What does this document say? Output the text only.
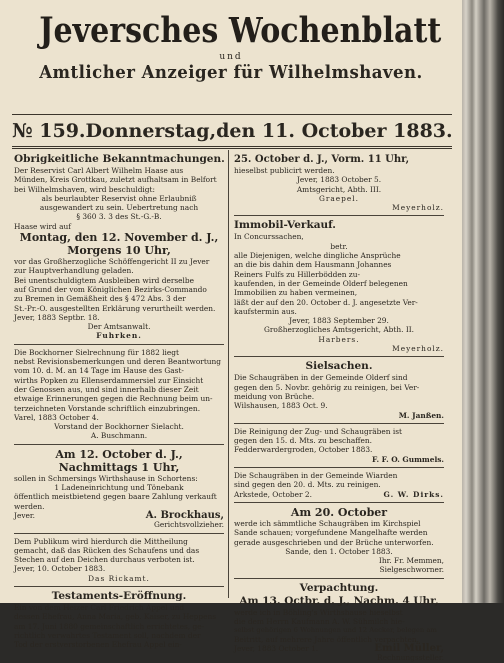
Jeversches Wochenblatt
und
Amtlicher Anzeiger für Wilhelmshaven.
№ 159. Donnerstag, den 11. October 1883.
Obrigkeitliche Bekanntmachungen.

Der Reservist Carl Albert Wilhelm Haase aus

Münden, Kreis Grottkau, zuletzt aufhaltsam in Belfort

bei Wilhelmshaven, wird beschuldigt:

als beurlaubter Reservist ohne Erlaubniß

ausgewandert zu sein. Uebertretung nach

§ 360 3. 3 des St.-G.-B.

Haase wird auf

Montag, den 12. November d. J.,
Morgens 10 Uhr,

vor das Großherzogliche Schöffengericht II zu Jever

zur Hauptverhandlung geladen.

Bei unentschuldigtem Ausbleiben wird derselbe

auf Grund der vom Königlichen Bezirks-Commando

zu Bremen in Gemäßheit des § 472 Abs. 3 der

St.-Pr.-O. ausgestellten Erklärung verurtheilt werden.

Jever, 1883 Septbr. 18.

Der Amtsanwalt.

Fuhrken.

Die Bockhorner Sielrechnung für 1882 liegt

nebst Revisionsbemerkungen und deren Beantwortung

vom 10. d. M. an 14 Tage im Hause des Gast-

wirths Popken zu Ellenserdammersiel zur Einsicht

der Genossen aus, und sind innerhalb dieser Zeit

etwaige Erinnerungen gegen die Rechnung beim un-

terzeichneten Vorstande schriftlich einzubringen.

Varel, 1883 October 4.

Vorstand der Bockhorner Sielacht.

A. Buschmann.

Am 12. October d. J.,
Nachmittags 1 Uhr,

sollen in Schmersings Wirthshause in Schortens:

1 Ladeneinrichtung und Tönebank

öffentlich meistbietend gegen baare Zahlung verkauft

werden.

Jever.	A. Brockhaus,

Gerichtsvollzieher.

Dem Publikum wird hierdurch die Mittheilung

gemacht, daß das Rücken des Schaufens und das

Stechen auf den Deichen durchaus verboten ist.

Jever, 10. October 1883.

Das Rickamt.

Testaments-Eröffnung.

Ein von dem Heizer Carl Friedrich Appel und

dessen Ehefrau, Anna Maria, geb. Kaiser, zu Heppens

am 17. Juni 1880 gemeinschaftlich errichtetes, ge-

richtlich verwahrtes Testament soll, nachdem der

Tod der erstverstorbenen Ehefrau Appel ein-

25. October d. J., Vorm. 11 Uhr,

hieselbst publicirt werden.

Jever, 1883 October 5.

Amtsgericht, Abth. III.

Graepel.

Meyerholz.

Immobil-Verkauf.

In Concurssachen,

betr.

alle Diejenigen, welche dingliche Ansprüche

an die bis dahin dem Hausmann Johannes

Reiners Fulfs zu Hillerbödden zu-

kaufenden, in der Gemeinde Olderf belegenen

Immobilien zu haben vermeinen,

läßt der auf den 20. October d. J. angesetzte Ver-

kaufstermin aus.

Jever, 1883 September 29.

Großherzogliches Amtsgericht, Abth. II.

Harbers.

Meyerholz.

Sielsachen.

Die Schaugräben in der Gemeinde Olderf sind

gegen den 5. Novbr. gehörig zu reinigen, bei Ver-

meidung von Brüche.

Wilshausen, 1883 Oct. 9.

M. Janßen.

Die Reinigung der Zug- und Schaugräben ist

gegen den 15. d. Mts. zu beschaffen.

Fedderwardergroden, October 1883.

F. F. O. Gummels.

Die Schaugräben in der Gemeinde Wiarden

sind gegen den 20. d. Mts. zu reinigen.

Arkstede, October 2.	G. W. Dirks.
Am 20. October

werde ich sämmtliche Schaugräben im Kirchspiel

Sande schauen; vorgefundene Mangelhafte werden

gerade ausgeschrieben und der Brüche unterworfen.

Sande, den 1. October 1883.

Ihr. Fr. Memmen,

Sielgeschworner.

Verpachtung.
Am 13. Octbr. d. J., Nachm. 4 Uhr,

werde ich in Böhling's Wirthshause hieselbst

die dem Herrn Kaufmann A. W. Sühmilch hie-

selbst gehörigen 6 Wohnungen und 12 Aecker, belegen am

Beitritt, auf mehrere Jahre öffentlich verpachten.

Jever, 1883 October 1.	Emil Müller,

Rechnungssteller.
